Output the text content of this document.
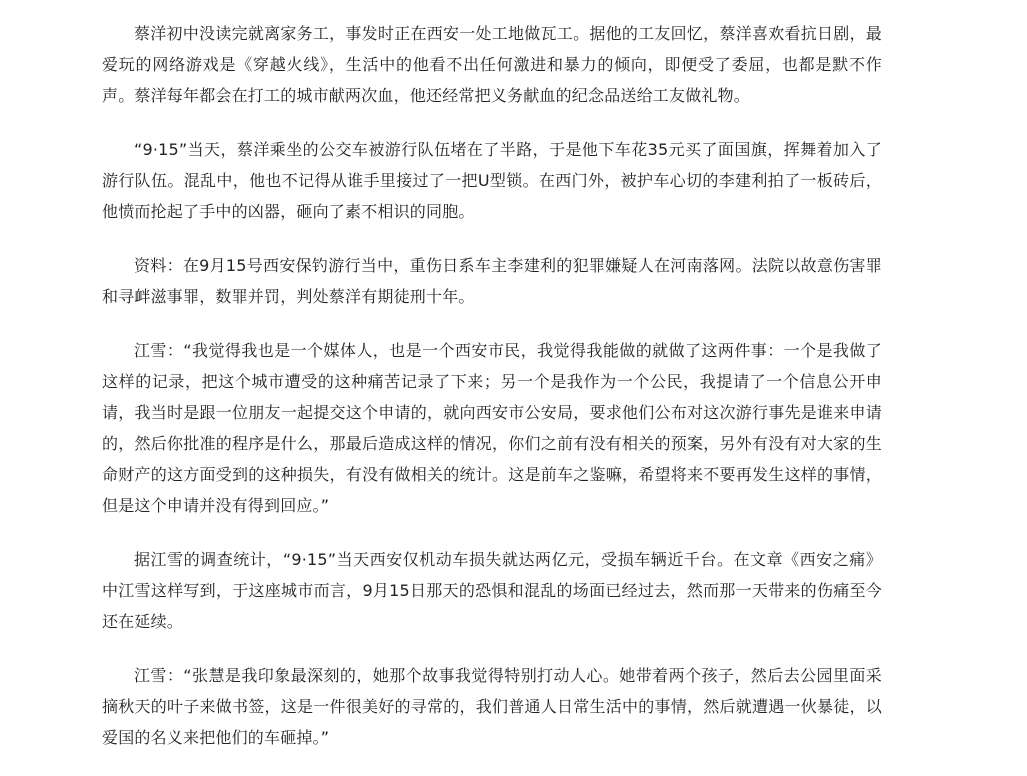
蔡洋初中没读完就离家务工，事发时正在西安一处工地做瓦工。据他的工友回忆，蔡洋喜欢看抗日剧，最爱玩的网络游戏是《穿越火线》，生活中的他看不出任何激进和暴力的倾向，即便受了委屈，也都是默不作声。蔡洋每年都会在打工的城市献两次血，他还经常把义务献血的纪念品送给工友做礼物。

“9·15”当天，蔡洋乘坐的公交车被游行队伍堵在了半路，于是他下车花35元买了面国旗，挥舞着加入了游行队伍。混乱中，他也不记得从谁手里接过了一把U型锁。在西门外，被护车心切的李建利拍了一板砖后，他愤而抡起了手中的凶器，砸向了素不相识的同胞。

资料：在9月15号西安保钓游行当中，重伤日系车主李建利的犯罪嫌疑人在河南落网。法院以故意伤害罪和寻衅滋事罪，数罪并罚，判处蔡洋有期徒刑十年。

江雪：“我觉得我也是一个媒体人，也是一个西安市民，我觉得我能做的就做了这两件事：一个是我做了这样的记录，把这个城市遭受的这种痛苦记录了下来；另一个是我作为一个公民，我提请了一个信息公开申请，我当时是跟一位朋友一起提交这个申请的，就向西安市公安局，要求他们公布对这次游行事先是谁来申请的，然后你批准的程序是什么，那最后造成这样的情况，你们之前有没有相关的预案，另外有没有对大家的生命财产的这方面受到的这种损失，有没有做相关的统计。这是前车之鉴嘛，希望将来不要再发生这样的事情，但是这个申请并没有得到回应。”

据江雪的调查统计，“9·15”当天西安仅机动车损失就达两亿元，受损车辆近千台。在文章《西安之痛》中江雪这样写到，于这座城市而言，9月15日那天的恐惧和混乱的场面已经过去，然而那一天带来的伤痛至今还在延续。

江雪：“张慧是我印象最深刻的，她那个故事我觉得特别打动人心。她带着两个孩子，然后去公园里面采摘秋天的叶子来做书签，这是一件很美好的寻常的，我们普通人日常生活中的事情，然后就遭遇一伙暴徒，以爱国的名义来把他们的车砸掉。”
